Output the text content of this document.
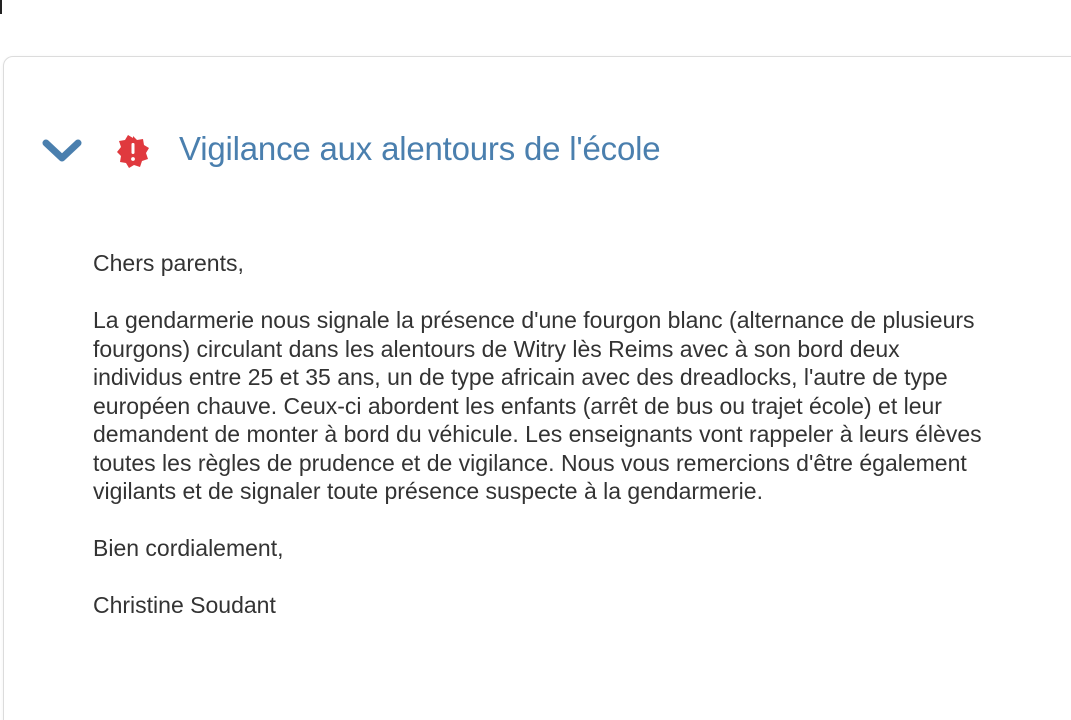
Vigilance aux alentours de l'école

Chers parents,

La gendarmerie nous signale la présence d'une fourgon blanc (alternance de plusieurs fourgons) circulant dans les alentours de Witry lès Reims avec à son bord deux individus entre 25 et 35 ans, un de type africain avec des dreadlocks, l'autre de type européen chauve. Ceux-ci abordent les enfants (arrêt de bus ou trajet école) et leur demandent de monter à bord du véhicule. Les enseignants vont rappeler à leurs élèves toutes les règles de prudence et de vigilance. Nous vous remercions d'être également vigilants et de signaler toute présence suspecte à la gendarmerie.

Bien cordialement,

Christine Soudant
